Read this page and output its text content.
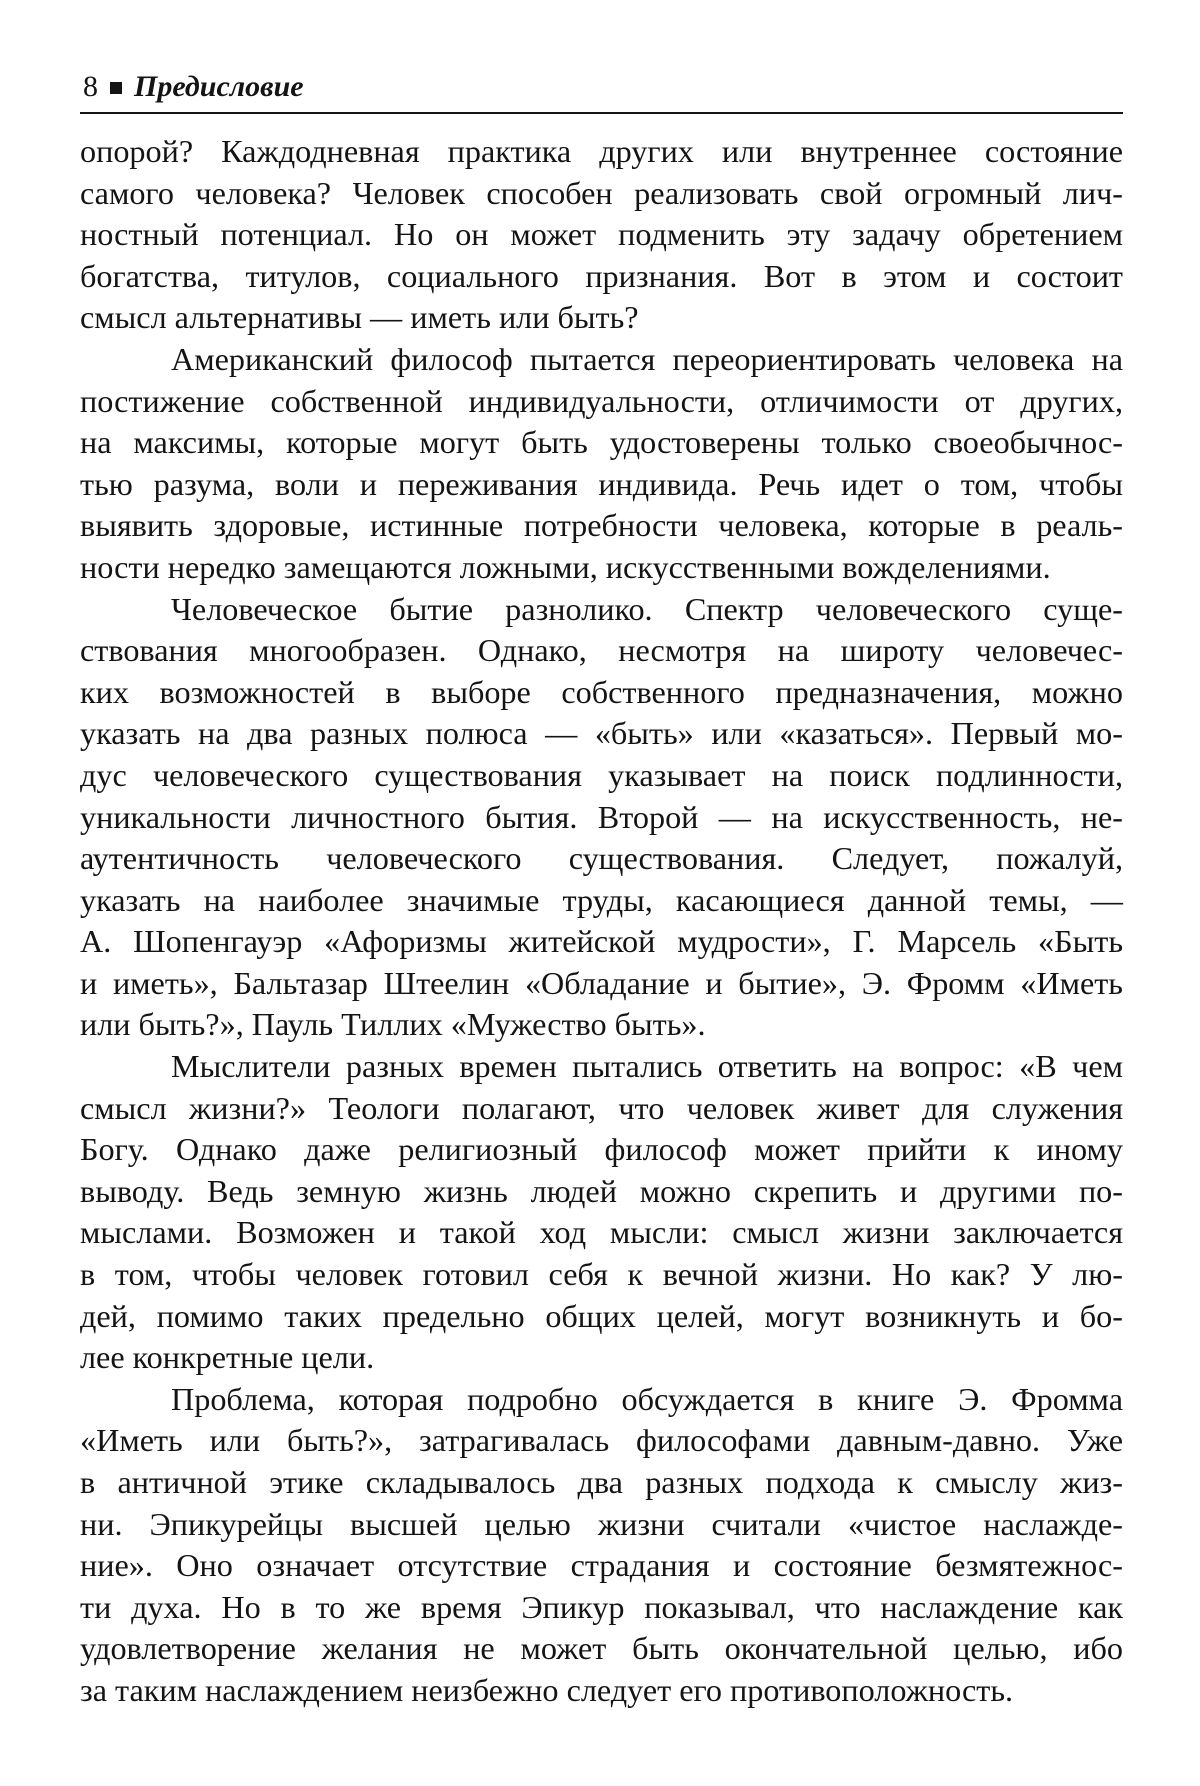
8 Предисловие
опорой? Каждодневная практика других или внутреннее состояние
самого человека? Человек способен реализовать свой огромный лич-
ностный потенциал. Но он может подменить эту задачу обретением
богатства, титулов, социального признания. Вот в этом и состоит
смысл альтернативы — иметь или быть?
Американский философ пытается переориентировать человека на
постижение собственной индивидуальности, отличимости от других,
на максимы, которые могут быть удостоверены только своеобычнос-
тью разума, воли и переживания индивида. Речь идет о том, чтобы
выявить здоровые, истинные потребности человека, которые в реаль-
ности нередко замещаются ложными, искусственными вожделениями.
Человеческое бытие разнолико. Спектр человеческого суще-
ствования многообразен. Однако, несмотря на широту человечес-
ких возможностей в выборе собственного предназначения, можно
указать на два разных полюса — «быть» или «казаться». Первый мо-
дус человеческого существования указывает на поиск подлинности,
уникальности личностного бытия. Второй — на искусственность, не-
аутентичность человеческого существования. Следует, пожалуй,
указать на наиболее значимые труды, касающиеся данной темы, —
А. Шопенгауэр «Афоризмы житейской мудрости», Г. Марсель «Быть
и иметь», Бальтазар Штеелин «Обладание и бытие», Э. Фромм «Иметь
или быть?», Пауль Тиллих «Мужество быть».
Мыслители разных времен пытались ответить на вопрос: «В чем
смысл жизни?» Теологи полагают, что человек живет для служения
Богу. Однако даже религиозный философ может прийти к иному
выводу. Ведь земную жизнь людей можно скрепить и другими по-
мыслами. Возможен и такой ход мысли: смысл жизни заключается
в том, чтобы человек готовил себя к вечной жизни. Но как? У лю-
дей, помимо таких предельно общих целей, могут возникнуть и бо-
лее конкретные цели.
Проблема, которая подробно обсуждается в книге Э. Фромма
«Иметь или быть?», затрагивалась философами давным-давно. Уже
в античной этике складывалось два разных подхода к смыслу жиз-
ни. Эпикурейцы высшей целью жизни считали «чистое наслажде-
ние». Оно означает отсутствие страдания и состояние безмятежнос-
ти духа. Но в то же время Эпикур показывал, что наслаждение как
удовлетворение желания не может быть окончательной целью, ибо
за таким наслаждением неизбежно следует его противоположность.
